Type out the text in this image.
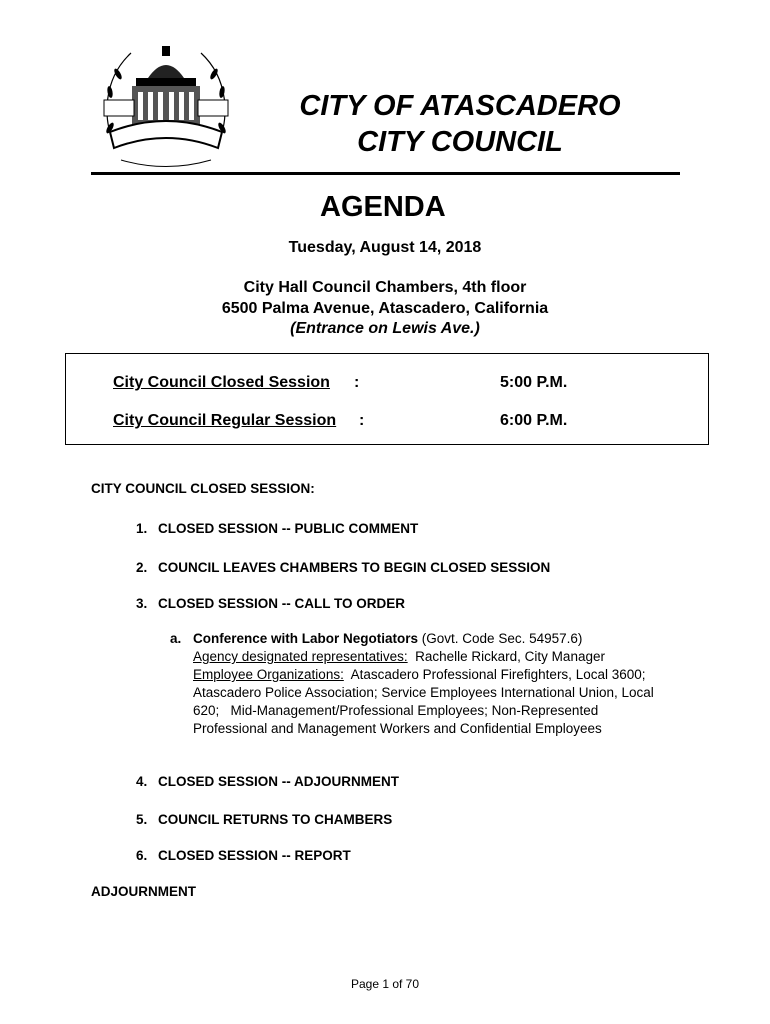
CITY OF ATASCADERO
CITY COUNCIL
AGENDA
Tuesday, August 14, 2018
City Hall Council Chambers, 4th floor
6500 Palma Avenue, Atascadero, California
(Entrance on Lewis Ave.)
City Council Closed Session	5:00 P.M.
City Council Regular Session	6:00 P.M.
:
:
CITY COUNCIL CLOSED SESSION:
1. CLOSED SESSION -- PUBLIC COMMENT
2. COUNCIL LEAVES CHAMBERS TO BEGIN CLOSED SESSION
3. CLOSED SESSION -- CALL TO ORDER
a. Conference with Labor Negotiators (Govt. Code Sec. 54957.6)
Agency designated representatives:  Rachelle Rickard, City Manager
Employee Organizations:  Atascadero Professional Firefighters, Local 3600; Atascadero Police Association; Service Employees International Union, Local 620;   Mid-Management/Professional Employees; Non-Represented Professional and Management Workers and Confidential Employees
4. CLOSED SESSION -- ADJOURNMENT
5. COUNCIL RETURNS TO CHAMBERS
6. CLOSED SESSION -- REPORT
ADJOURNMENT
Page 1 of 70
